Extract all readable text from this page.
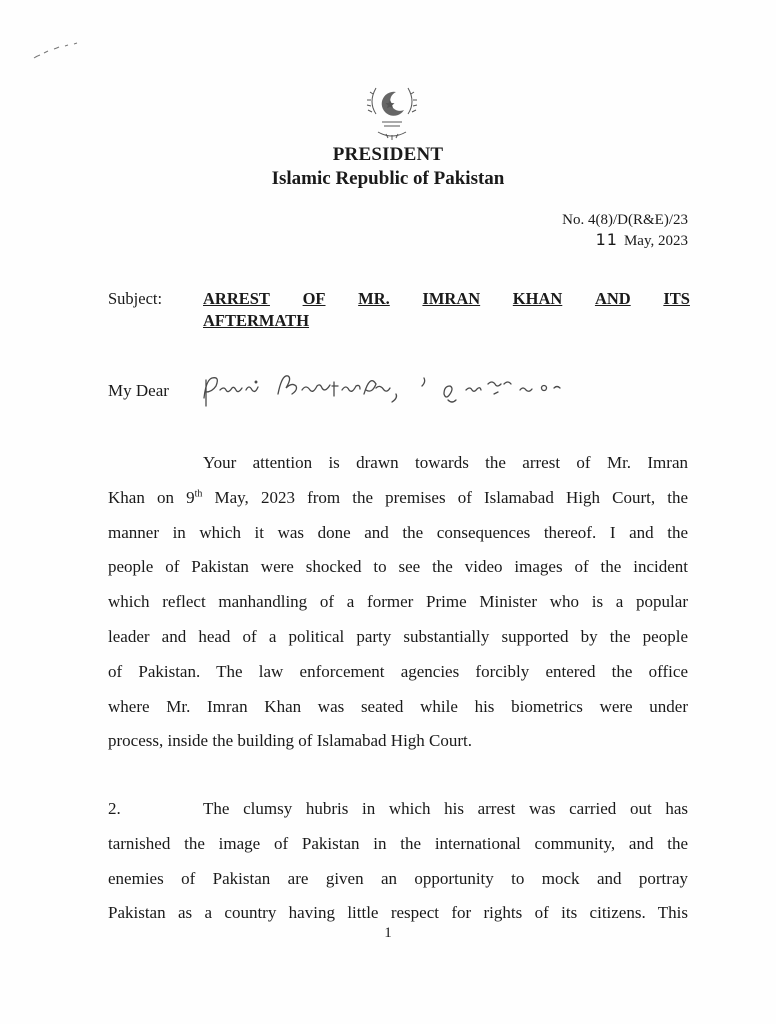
PRESIDENT
Islamic Republic of Pakistan
No. 4(8)/D(R&E)/23
11 May, 2023
Subject: ARREST OF MR. IMRAN KHAN AND ITS
AFTERMATH
My Dear
Your attention is drawn towards the arrest of Mr. Imran
Khan on 9th May, 2023 from the premises of Islamabad High Court, the
manner in which it was done and the consequences thereof. I and the
people of Pakistan were shocked to see the video images of the incident
which reflect manhandling of a former Prime Minister who is a popular
leader and head of a political party substantially supported by the people
of Pakistan. The law enforcement agencies forcibly entered the office
where Mr. Imran Khan was seated while his biometrics were under
process, inside the building of Islamabad High Court.
2.	The clumsy hubris in which his arrest was carried out has
tarnished the image of Pakistan in the international community, and the
enemies of Pakistan are given an opportunity to mock and portray
Pakistan as a country having little respect for rights of its citizens. This
1
